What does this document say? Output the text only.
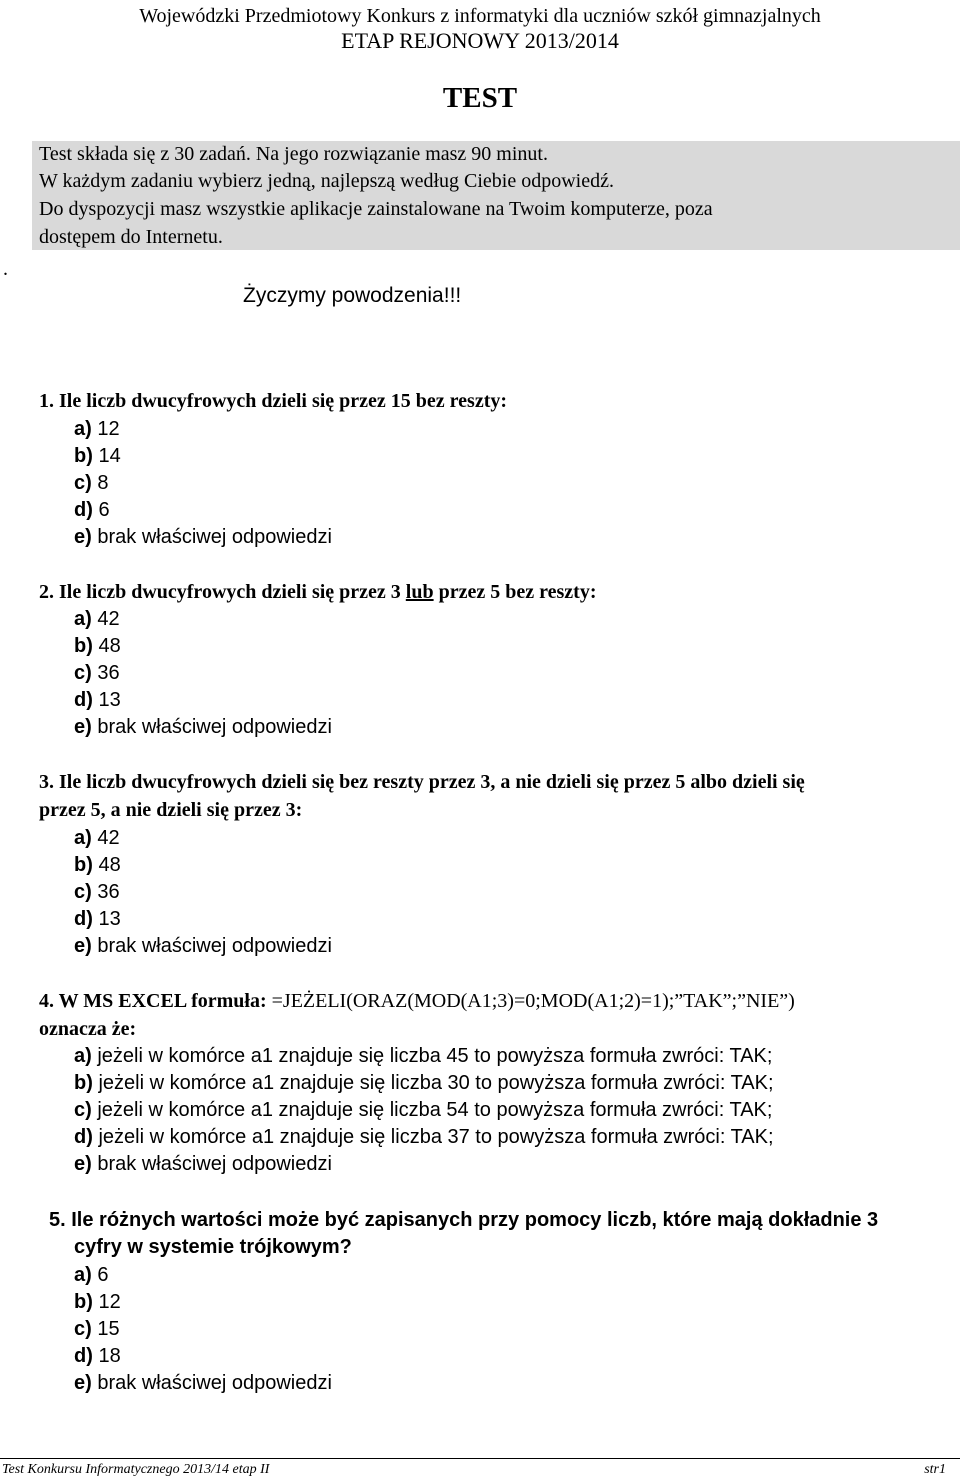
Wojewódzki Przedmiotowy Konkurs z informatyki dla uczniów szkół gimnazjalnych
ETAP REJONOWY 2013/2014
TEST
Test składa się z 30 zadań. Na jego rozwiązanie masz 90 minut.
W każdym zadaniu wybierz jedną, najlepszą według Ciebie odpowiedź.
Do dyspozycji masz wszystkie aplikacje zainstalowane na Twoim komputerze, poza
dostępem do Internetu.
.
Życzymy powodzenia!!!
1. Ile liczb dwucyfrowych dzieli się przez 15 bez reszty:
a) 12
b) 14
c) 8
d) 6
e) brak właściwej odpowiedzi
2. Ile liczb dwucyfrowych dzieli się przez 3 lub przez 5 bez reszty:
a) 42
b) 48
c) 36
d) 13
e) brak właściwej odpowiedzi
3. Ile liczb dwucyfrowych dzieli się bez reszty przez 3, a nie dzieli się przez 5 albo dzieli się
przez 5, a nie dzieli się przez 3:
a) 42
b) 48
c) 36
d) 13
e) brak właściwej odpowiedzi
4. W MS EXCEL formuła: =JEŻELI(ORAZ(MOD(A1;3)=0;MOD(A1;2)=1);”TAK”;”NIE”)
oznacza że:
a) jeżeli w komórce a1 znajduje się liczba 45 to powyższa formuła zwróci: TAK;
b) jeżeli w komórce a1 znajduje się liczba 30 to powyższa formuła zwróci: TAK;
c) jeżeli w komórce a1 znajduje się liczba 54 to powyższa formuła zwróci: TAK;
d) jeżeli w komórce a1 znajduje się liczba 37 to powyższa formuła zwróci: TAK;
e) brak właściwej odpowiedzi
5. Ile różnych wartości może być zapisanych przy pomocy liczb, które mają dokładnie 3
cyfry w systemie trójkowym?
a) 6
b) 12
c) 15
d) 18
e) brak właściwej odpowiedzi
Test Konkursu Informatycznego 2013/14 etap II	str1
